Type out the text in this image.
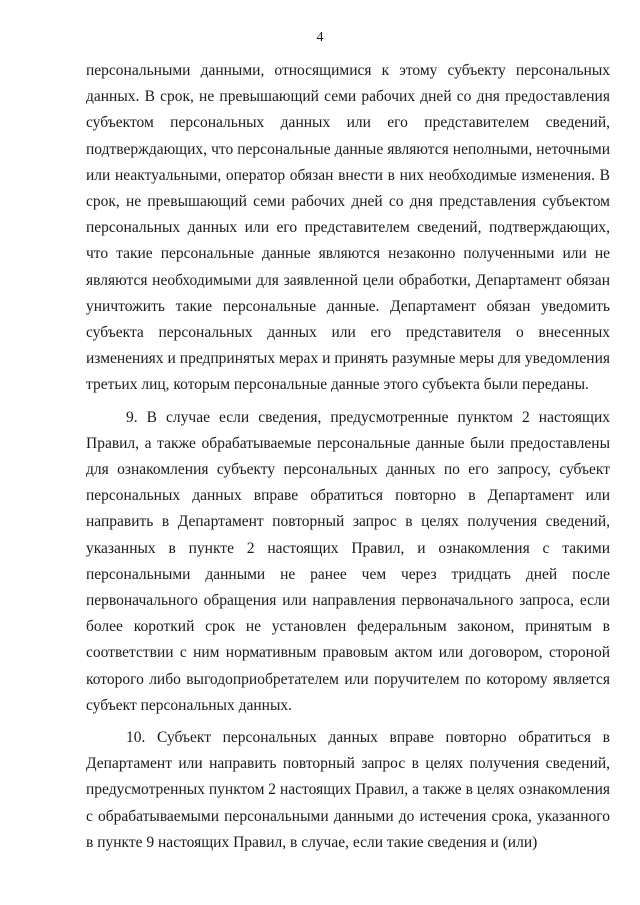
4

персональными данными, относящимися к этому субъекту персональных данных. В срок, не превышающий семи рабочих дней со дня предоставления субъектом персональных данных или его представителем сведений, подтверждающих, что персональные данные являются неполными, неточными или неактуальными, оператор обязан внести в них необходимые изменения. В срок, не превышающий семи рабочих дней со дня представления субъектом персональных данных или его представителем сведений, подтверждающих, что такие персональные данные являются незаконно полученными или не являются необходимыми для заявленной цели обработки, Департамент обязан уничтожить такие персональные данные. Департамент обязан уведомить субъекта персональных данных или его представителя о внесенных изменениях и предпринятых мерах и принять разумные меры для уведомления третьих лиц, которым персональные данные этого субъекта были переданы.

9. В случае если сведения, предусмотренные пунктом 2 настоящих Правил, а также обрабатываемые персональные данные были предоставлены для ознакомления субъекту персональных данных по его запросу, субъект персональных данных вправе обратиться повторно в Департамент или направить в Департамент повторный запрос в целях получения сведений, указанных в пункте 2 настоящих Правил, и ознакомления с такими персональными данными не ранее чем через тридцать дней после первоначального обращения или направления первоначального запроса, если более короткий срок не установлен федеральным законом, принятым в соответствии с ним нормативным правовым актом или договором, стороной которого либо выгодоприобретателем или поручителем по которому является субъект персональных данных.

10. Субъект персональных данных вправе повторно обратиться в Департамент или направить повторный запрос в целях получения сведений, предусмотренных пунктом 2 настоящих Правил, а также в целях ознакомления с обрабатываемыми персональными данными до истечения срока, указанного в пункте 9 настоящих Правил, в случае, если такие сведения и (или)
